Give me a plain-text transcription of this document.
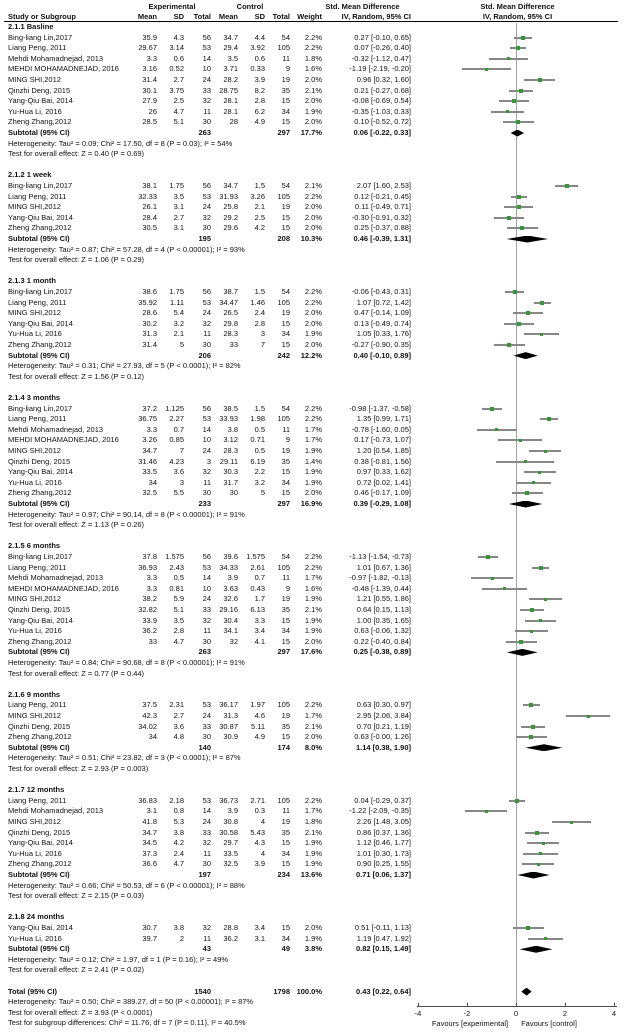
Experimental	Control	Std. Mean Difference	Std. Mean Difference
Study or Subgroup	Mean	SD	Total	Mean	SD	Total Weight	IV, Random, 95% CI	IV, Random, 95% CI
Favours [experimental]	Favours [control]
2.1.1 Basline
Bing-liang Lin,2017	35.9	4.3	56	34.7	4.4	54	2.2%	0.27 [-0.10, 0.65]
Liang Peng, 2011	29.67	3.14	53	29.4	3.92	105	2.2%	0.07 [-0.26, 0.40]
Mehdi Mohamadnejad, 2013	3.3	0.6	14	3.5	0.6	11	1.8%	-0.32 [-1.12, 0.47]
MEHDI MOHAMADNEJAD, 2016	3.16	0.52	10	3.71	0.33	9	1.6%	-1.19 [-2.19, -0.20]
MING SHI,2012	31.4	2.7	24	28.2	3.9	19	2.0%	0.96 [0.32, 1.60]
Qinzhi Deng, 2015	30.1	3.75	33	28.75	8.2	35	2.1%	0.21 [-0.27, 0.68]
Yang-Qiu Bai, 2014	27.9	2.5	32	28.1	2.8	15	2.0%	-0.08 [-0.69, 0.54]
Yu-Hua Li, 2016	26	4.7	11	28.1	6.2	34	1.9%	-0.35 [-1.03, 0.33]
Zheng Zhang,2012	28.5	5.1	30	28	4.9	15	2.0%	0.10 [-0.52, 0.72]
Subtotal (95% CI)	263	297	17.7%	0.06 [-0.22, 0.33]
Heterogeneity: Tau² = 0.09; Chi² = 17.50, df = 8 (P = 0.03); I² = 54%
Test for overall effect: Z = 0.40 (P = 0.69)
2.1.2 1 week
Bing-liang Lin,2017	38.1	1.75	56	34.7	1.5	54	2.1%	2.07 [1.60, 2.53]
Liang Peng, 2011	32.33	3.5	53	31.93	3.26	105	2.2%	0.12 [-0.21, 0.45]
MING SHI,2012	26.1	3.1	24	25.8	2.1	19	2.0%	0.11 [-0.49, 0.71]
Yang-Qiu Bai, 2014	28.4	2.7	32	29.2	2.5	15	2.0%	-0.30 [-0.91, 0.32]
Zheng Zhang,2012	30.5	3.1	30	29.6	4.2	15	2.0%	0.25 [-0.37, 0.88]
Subtotal (95% CI)	195	208	10.3%	0.46 [-0.39, 1.31]
Heterogeneity: Tau² = 0.87; Chi² = 57.28, df = 4 (P < 0.00001); I² = 93%
Test for overall effect: Z = 1.06 (P = 0.29)
2.1.3 1 month
Bing-liang Lin,2017	38.6	1.75	56	38.7	1.5	54	2.2%	-0.06 [-0.43, 0.31]
Liang Peng, 2011	35.92	1.11	53	34.47	1.46	105	2.2%	1.07 [0.72, 1.42]
MING SHI,2012	28.6	5.4	24	26.5	2.4	19	2.0%	0.47 [-0.14, 1.09]
Yang-Qiu Bai, 2014	30.2	3.2	32	29.8	2.8	15	2.0%	0.13 [-0.49, 0.74]
Yu-Hua Li, 2016	31.3	2.1	11	28.3	3	34	1.9%	1.05 [0.33, 1.76]
Zheng Zhang,2012	31.4	5	30	33	7	15	2.0%	-0.27 [-0.90, 0.35]
Subtotal (95% CI)	206	242	12.2%	0.40 [-0.10, 0.89]
Heterogeneity: Tau² = 0.31; Chi² = 27.93, df = 5 (P < 0.0001); I² = 82%
Test for overall effect: Z = 1.56 (P = 0.12)
2.1.4 3 months
Bing-liang Lin,2017	37.2	1.125	56	38.5	1.5	54	2.2%	-0.98 [-1.37, -0.58]
Liang Peng, 2011	36.75	2.27	53	33.93	1.98	105	2.2%	1.35 [0.99, 1.71]
Mehdi Mohamadnejad, 2013	3.3	0.7	14	3.8	0.5	11	1.7%	-0.78 [-1.60, 0.05]
MEHDI MOHAMADNEJAD, 2016	3.26	0.85	10	3.12	0.71	9	1.7%	0.17 [-0.73, 1.07]
MING SHI,2012	34.7	7	24	28.3	0.5	19	1.9%	1.20 [0.54, 1.85]
Qinzhi Deng, 2015	31.46	4.23	3	29.11	6.19	35	1.4%	0.38 [-0.81, 1.56]
Yang-Qiu Bai, 2014	33.5	3.6	32	30.3	2.2	15	1.9%	0.97 [0.33, 1.62]
Yu-Hua Li, 2016	34	3	11	31.7	3.2	34	1.9%	0.72 [0.02, 1.41]
Zheng Zhang,2012	32.5	5.5	30	30	5	15	2.0%	0.46 [-0.17, 1.09]
Subtotal (95% CI)	233	297	16.9%	0.39 [-0.29, 1.08]
Heterogeneity: Tau² = 0.97; Chi² = 90.14, df = 8 (P < 0.00001); I² = 91%
Test for overall effect: Z = 1.13 (P = 0.26)
2.1.5 6 months
Bing-liang Lin,2017	37.8	1.575	56	39.6	1.575	54	2.2%	-1.13 [-1.54, -0.73]
Liang Peng, 2011	36.93	2.43	53	34.33	2.61	105	2.2%	1.01 [0.67, 1.36]
Mehdi Mohamadnejad, 2013	3.3	0.5	14	3.9	0.7	11	1.7%	-0.97 [-1.82, -0.13]
MEHDI MOHAMADNEJAD, 2016	3.3	0.81	10	3.63	0.43	9	1.6%	-0.48 [-1.39, 0.44]
MING SHI,2012	38.2	5.9	24	32.6	1.7	19	1.9%	1.21 [0.55, 1.86]
Qinzhi Deng, 2015	32.82	5.1	33	29.16	6.13	35	2.1%	0.64 [0.15, 1.13]
Yang-Qiu Bai, 2014	33.9	3.5	32	30.4	3.3	15	1.9%	1.00 [0.35, 1.65]
Yu-Hua Li, 2016	36.2	2.8	11	34.1	3.4	34	1.9%	0.63 [-0.06, 1.32]
Zheng Zhang,2012	33	4.7	30	32	4.1	15	2.0%	0.22 [-0.40, 0.84]
Subtotal (95% CI)	263	297	17.6%	0.25 [-0.38, 0.89]
Heterogeneity: Tau² = 0.84; Chi² = 90.68, df = 8 (P < 0.00001); I² = 91%
Test for overall effect: Z = 0.77 (P = 0.44)
2.1.6 9 months
Liang Peng, 2011	37.5	2.31	53	36.17	1.97	105	2.2%	0.63 [0.30, 0.97]
MING SHI,2012	42.3	2.7	24	31.3	4.6	19	1.7%	2.95 [2.06, 3.84]
Qinzhi Deng, 2015	34.02	3.6	33	30.87	5.11	35	2.1%	0.70 [0.21, 1.19]
Zheng Zhang,2012	34	4.8	30	30.9	4.9	15	2.0%	0.63 [-0.00, 1.26]
Subtotal (95% CI)	140	174	8.0%	1.14 [0.38, 1.90]
Heterogeneity: Tau² = 0.51; Chi² = 23.82, df = 3 (P < 0.0001); I² = 87%
Test for overall effect: Z = 2.93 (P = 0.003)
2.1.7 12 months
Liang Peng, 2011	36.83	2.18	53	36.73	2.71	105	2.2%	0.04 [-0.29, 0.37]
Mehdi Mohamadnejad, 2013	3.1	0.8	14	3.9	0.3	11	1.7%	-1.22 [-2.09, -0.35]
MING SHI,2012	41.8	5.3	24	30.8	4	19	1.8%	2.26 [1.48, 3.05]
Qinzhi Deng, 2015	34.7	3.8	33	30.58	5.43	35	2.1%	0.86 [0.37, 1.36]
Yang-Qiu Bai, 2014	34.5	4.2	32	29.7	4.3	15	1.9%	1.12 [0.46, 1.77]
Yu-Hua Li, 2016	37.3	2.4	11	33.5	4	34	1.9%	1.01 [0.30, 1.73]
Zheng Zhang,2012	36.6	4.7	30	32.5	3.9	15	1.9%	0.90 [0.25, 1.55]
Subtotal (95% CI)	197	234	13.6%	0.71 [0.06, 1.37]
Heterogeneity: Tau² = 0.66; Chi² = 50.53, df = 6 (P < 0.00001); I² = 88%
Test for overall effect: Z = 2.15 (P = 0.03)
2.1.8 24 months
Yang-Qiu Bai, 2014	30.7	3.8	32	28.8	3.4	15	2.0%	0.51 [-0.11, 1.13]
Yu-Hua Li, 2016	39.7	2	11	36.2	3.1	34	1.9%	1.19 [0.47, 1.92]
Subtotal (95% CI)	43	49	3.8%	0.82 [0.15, 1.49]
Heterogeneity: Tau² = 0.12; Chi² = 1.97, df = 1 (P = 0.16); I² = 49%
Test for overall effect: Z = 2.41 (P = 0.02)
Total (95% CI)	1540	1798 100.0%	0.43 [0.22, 0.64]
Heterogeneity: Tau² = 0.50; Chi² = 389.27, df = 50 (P < 0.00001); I² = 87%
Test for overall effect: Z = 3.93 (P < 0.0001)
Test for subgroup differences: Chi² = 11.76, df = 7 (P = 0.11), I² = 40.5%
-4	-2	0	2	4
